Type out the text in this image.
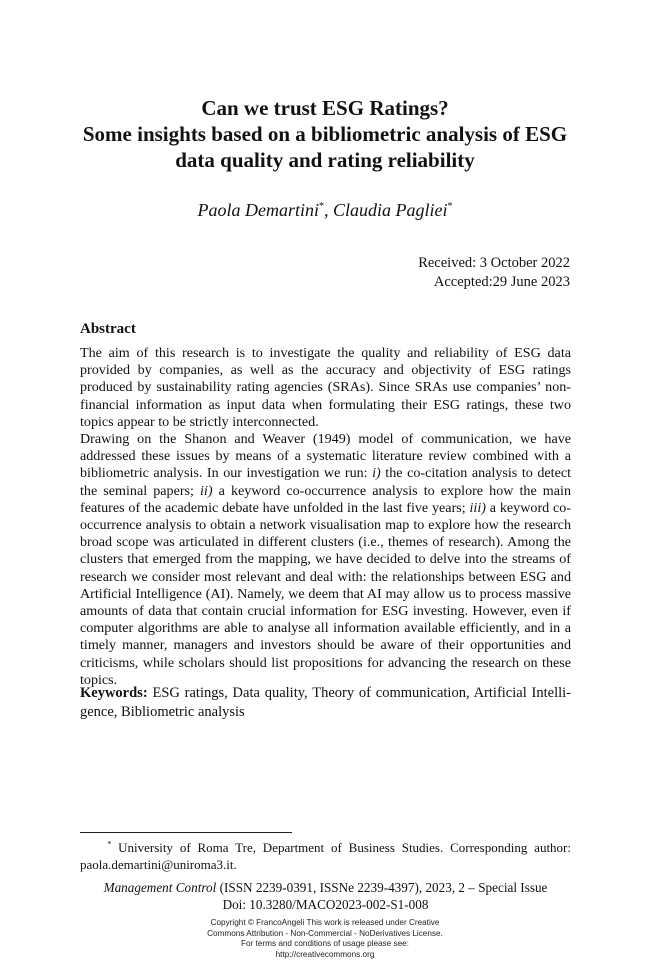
Can we trust ESG Ratings?
Some insights based on a bibliometric analysis of ESG
data quality and rating reliability
Paola Demartini*, Claudia Pagliei*
Received: 3 October 2022
Accepted:29 June 2023
Abstract

The aim of this research is to investigate the quality and reliability of ESG data provided by companies, as well as the accuracy and objectivity of ESG ratings produced by sustainability rating agencies (SRAs). Since SRAs use companies’ non-financial information as input data when formulating their ESG ratings, these two topics appear to be strictly interconnected.

Drawing on the Shanon and Weaver (1949) model of communication, we have addressed these issues by means of a systematic literature review combined with a bibliometric analysis. In our investigation we run: i) the co-citation analysis to detect the seminal papers; ii) a keyword co-occurrence analysis to explore how the main features of the academic debate have unfolded in the last five years; iii) a keyword co-occurrence analysis to obtain a network visualisation map to explore how the research broad scope was articulated in different clusters (i.e., themes of research). Among the clusters that emerged from the mapping, we have decided to delve into the streams of research we consider most relevant and deal with: the relationships between ESG and Artificial Intelligence (AI). Namely, we deem that AI may allow us to process massive amounts of data that contain crucial information for ESG investing. However, even if computer algorithms are able to analyse all information available efficiently, and in a timely manner, managers and investors should be aware of their opportunities and criticisms, while scholars should list propositions for advancing the research on these topics.

Keywords: ESG ratings, Data quality, Theory of communication, Artificial Intelligence, Bibliometric analysis
* University of Roma Tre, Department of Business Studies. Corresponding author: paola.demartini@uniroma3.it.
Management Control (ISSN 2239-0391, ISSNe 2239-4397), 2023, 2 – Special Issue
Doi: 10.3280/MACO2023-002-S1-008
Copyright © FrancoAngeli This work is released under Creative
Commons Attribution - Non-Commercial - NoDerivatives License.
For terms and conditions of usage please see:
http://creativecommons.org
